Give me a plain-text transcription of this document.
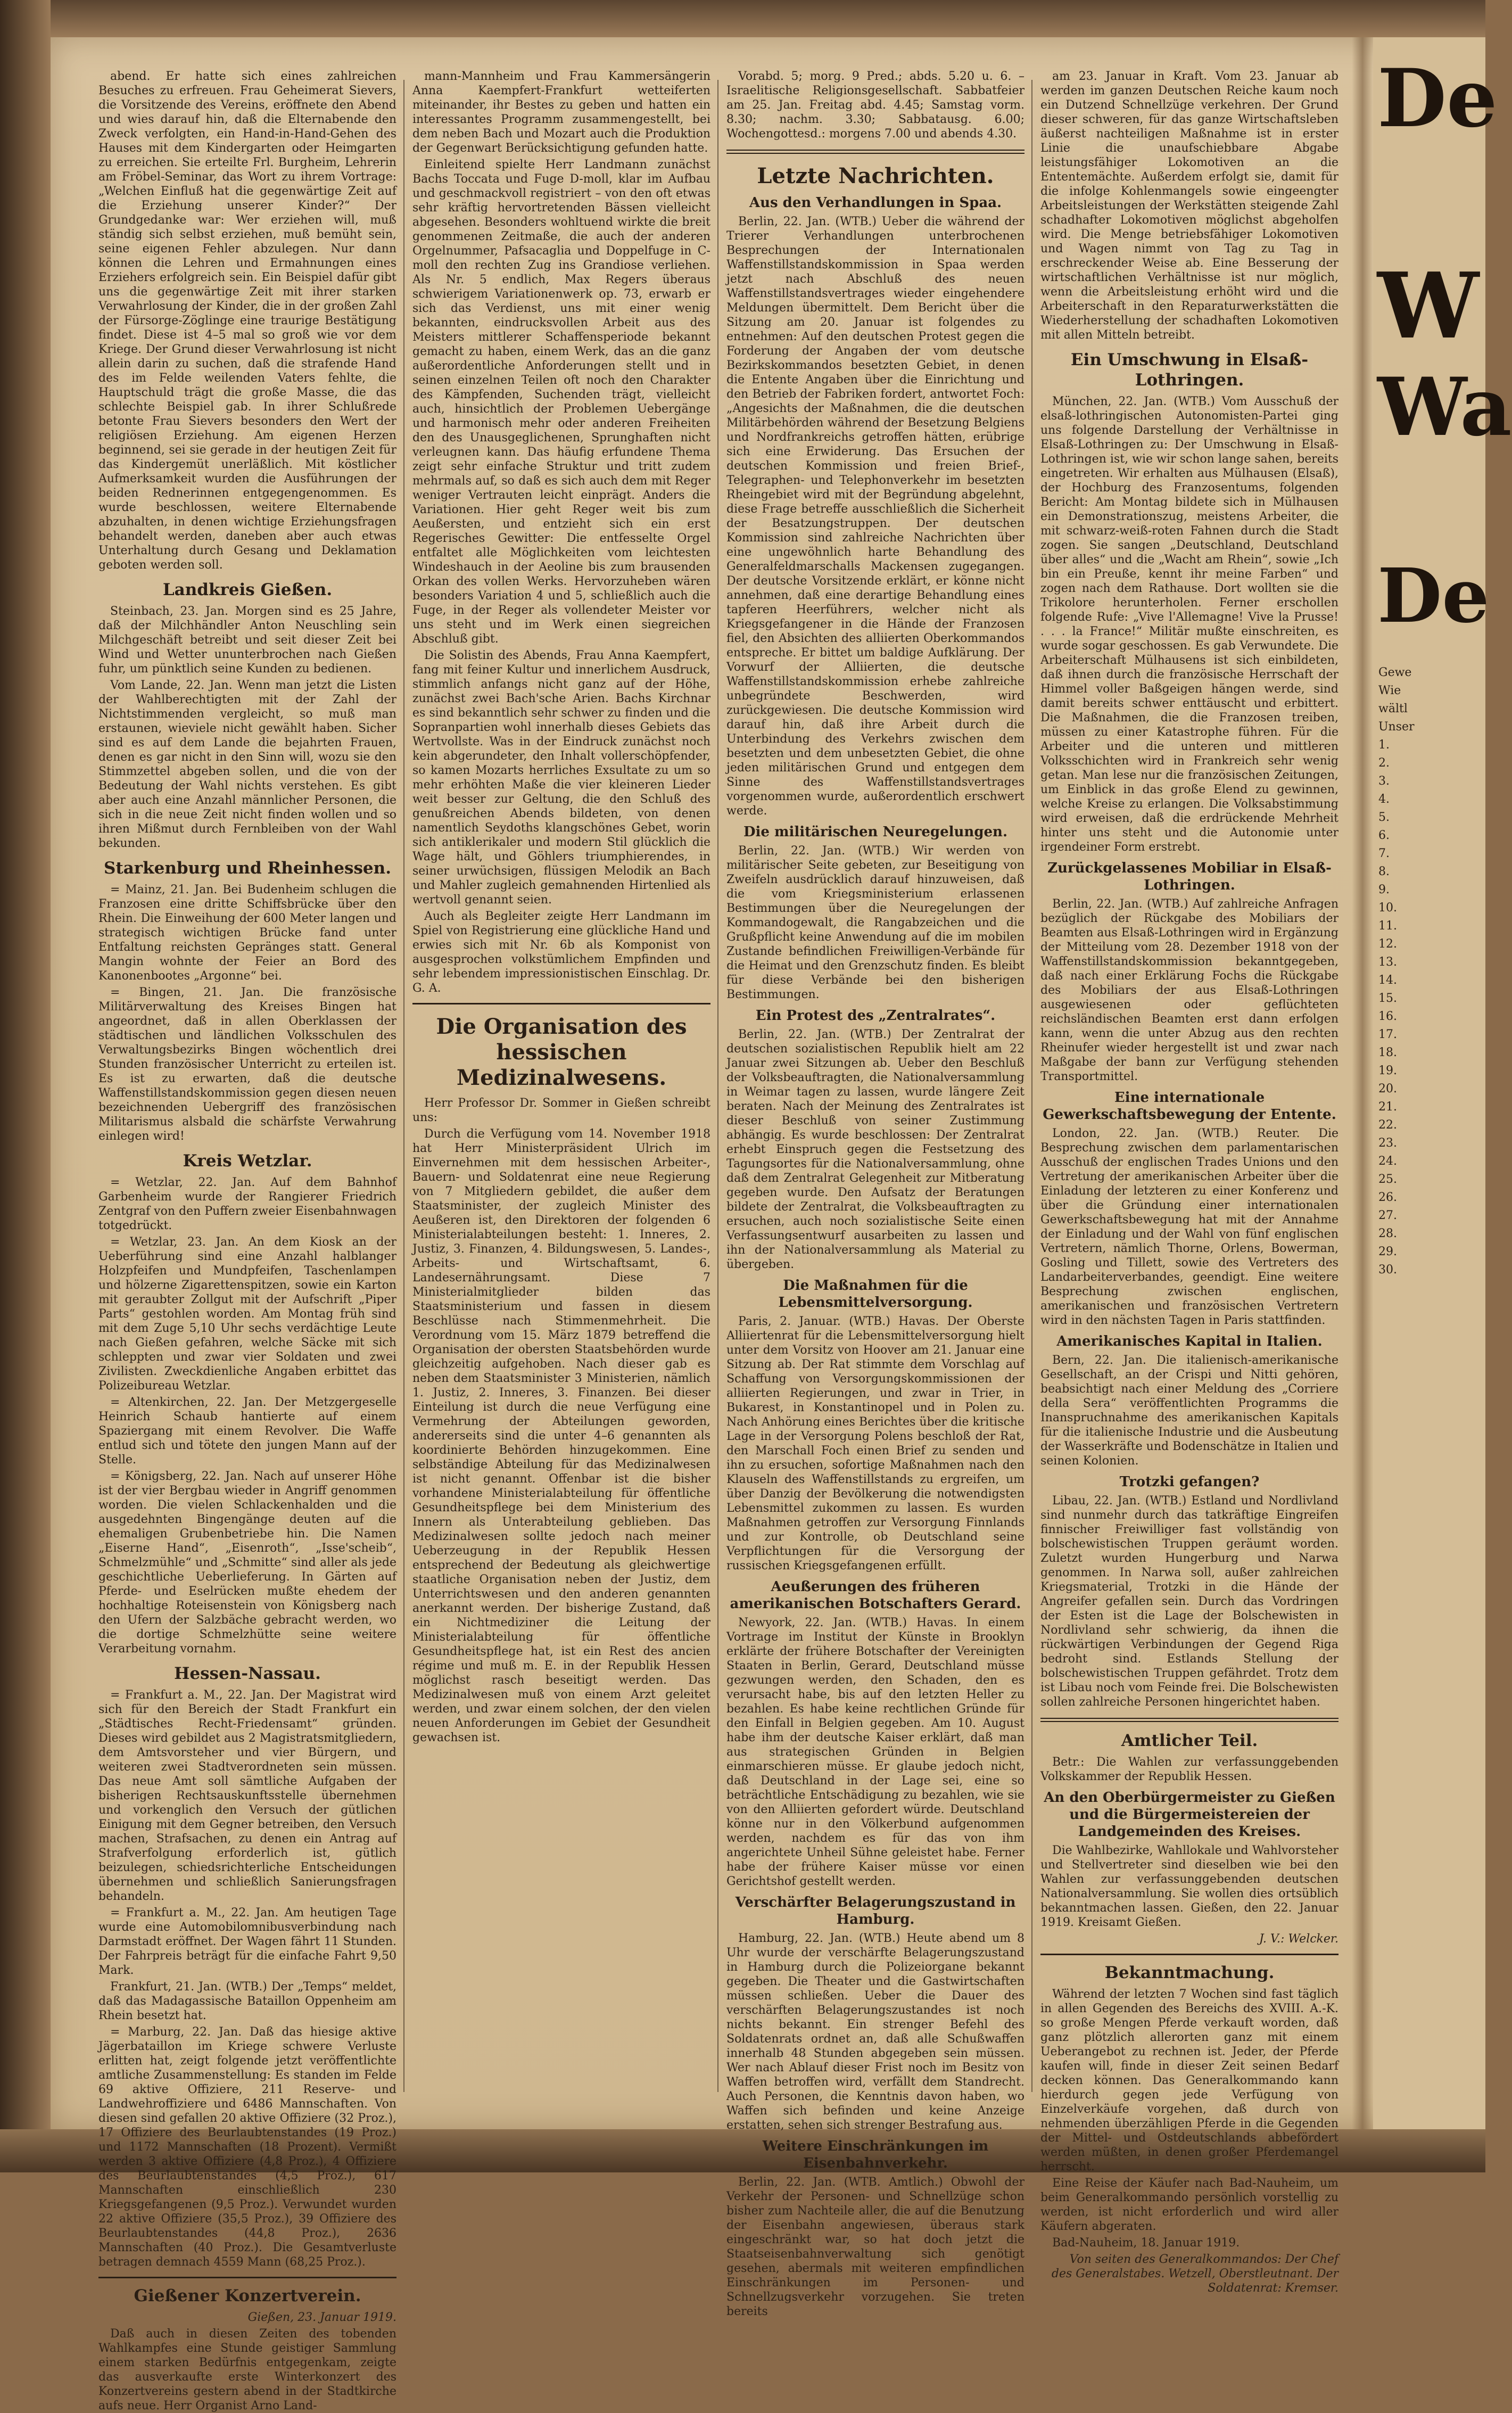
De
W
Wa
De
Gewe
Wie
wältl
Unser
1.
2.
3.
4.
5.
6.
7.
8.
9.
10.
11.
12.
13.
14.
15.
16.
17.
18.
19.
20.
21.
22.
23.
24.
25.
26.
27.
28.
29.
30.

abend. Er hatte sich eines zahlreichen Besuches zu erfreuen. Frau Geheimerat Sievers, die Vorsitzende des Vereins, eröffnete den Abend und wies darauf hin, daß die Elternabende den Zweck verfolgten, ein Hand-in-Hand-Gehen des Hauses mit dem Kindergarten oder Heimgarten zu erreichen. Sie erteilte Frl. Burgheim, Lehrerin am Fröbel-Seminar, das Wort zu ihrem Vortrage: „Welchen Einfluß hat die gegenwärtige Zeit auf die Erziehung unserer Kinder?“ Der Grundgedanke war: Wer erziehen will, muß ständig sich selbst erziehen, muß bemüht sein, seine eigenen Fehler abzulegen. Nur dann können die Lehren und Ermahnungen eines Erziehers erfolgreich sein. Ein Beispiel dafür gibt uns die gegenwärtige Zeit mit ihrer starken Verwahrlosung der Kinder, die in der großen Zahl der Fürsorge-Zöglinge eine traurige Bestätigung findet. Diese ist 4–5 mal so groß wie vor dem Kriege. Der Grund dieser Verwahrlosung ist nicht allein darin zu suchen, daß die strafende Hand des im Felde weilenden Vaters fehlte, die Hauptschuld trägt die große Masse, die das schlechte Beispiel gab. In ihrer Schlußrede betonte Frau Sievers besonders den Wert der religiösen Erziehung. Am eigenen Herzen beginnend, sei sie gerade in der heutigen Zeit für das Kindergemüt unerläßlich. Mit köstlicher Aufmerksamkeit wurden die Ausführungen der beiden Rednerinnen entgegengenommen. Es wurde beschlossen, weitere Elternabende abzuhalten, in denen wichtige Erziehungsfragen behandelt werden, daneben aber auch etwas Unterhaltung durch Gesang und Deklamation geboten werden soll.

Landkreis Gießen.

Steinbach, 23. Jan. Morgen sind es 25 Jahre, daß der Milchhändler Anton Neuschling sein Milchgeschäft betreibt und seit dieser Zeit bei Wind und Wetter ununterbrochen nach Gießen fuhr, um pünktlich seine Kunden zu bedienen.

Vom Lande, 22. Jan. Wenn man jetzt die Listen der Wahlberechtigten mit der Zahl der Nichtstimmenden vergleicht, so muß man erstaunen, wieviele nicht gewählt haben. Sicher sind es auf dem Lande die bejahrten Frauen, denen es gar nicht in den Sinn will, wozu sie den Stimmzettel abgeben sollen, und die von der Bedeutung der Wahl nichts verstehen. Es gibt aber auch eine Anzahl männlicher Personen, die sich in die neue Zeit nicht finden wollen und so ihren Mißmut durch Fernbleiben von der Wahl bekunden.

Starkenburg und Rheinhessen.

= Mainz, 21. Jan. Bei Budenheim schlugen die Franzosen eine dritte Schiffsbrücke über den Rhein. Die Einweihung der 600 Meter langen und strategisch wichtigen Brücke fand unter Entfaltung reichsten Gepränges statt. General Mangin wohnte der Feier an Bord des Kanonenbootes „Argonne“ bei.

= Bingen, 21. Jan. Die französische Militärverwaltung des Kreises Bingen hat angeordnet, daß in allen Oberklassen der städtischen und ländlichen Volksschulen des Verwaltungsbezirks Bingen wöchentlich drei Stunden französischer Unterricht zu erteilen ist. Es ist zu erwarten, daß die deutsche Waffenstillstandskommission gegen diesen neuen bezeichnenden Uebergriff des französischen Militarismus alsbald die schärfste Verwahrung einlegen wird!

Kreis Wetzlar.

= Wetzlar, 22. Jan. Auf dem Bahnhof Garbenheim wurde der Rangierer Friedrich Zentgraf von den Puffern zweier Eisenbahnwagen totgedrückt.

= Wetzlar, 23. Jan. An dem Kiosk an der Ueberführung sind eine Anzahl halblanger Holzpfeifen und Mundpfeifen, Taschenlampen und hölzerne Zigarettenspitzen, sowie ein Karton mit geraubter Zollgut mit der Aufschrift „Piper Parts“ gestohlen worden. Am Montag früh sind mit dem Zuge 5,10 Uhr sechs verdächtige Leute nach Gießen gefahren, welche Säcke mit sich schleppten und zwar vier Soldaten und zwei Zivilisten. Zweckdienliche Angaben erbittet das Polizeibureau Wetzlar.

= Altenkirchen, 22. Jan. Der Metzgergeselle Heinrich Schaub hantierte auf einem Spaziergang mit einem Revolver. Die Waffe entlud sich und tötete den jungen Mann auf der Stelle.

= Königsberg, 22. Jan. Nach auf unserer Höhe ist der vier Bergbau wieder in Angriff genommen worden. Die vielen Schlackenhalden und die ausgedehnten Bingengänge deuten auf die ehemaligen Grubenbetriebe hin. Die Namen „Eiserne Hand“, „Eisenroth“, „Isse'scheib“, Schmelzmühle“ und „Schmitte“ sind aller als jede geschichtliche Ueberlieferung. In Gärten auf Pferde- und Eselrücken mußte ehedem der hochhaltige Roteisenstein von Königsberg nach den Ufern der Salzbäche gebracht werden, wo die dortige Schmelzhütte seine weitere Verarbeitung vornahm.

Hessen-Nassau.

= Frankfurt a. M., 22. Jan. Der Magistrat wird sich für den Bereich der Stadt Frankfurt ein „Städtisches Recht-Friedensamt“ gründen. Dieses wird gebildet aus 2 Magistratsmitgliedern, dem Amtsvorsteher und vier Bürgern, und weiteren zwei Stadtverordneten sein müssen. Das neue Amt soll sämtliche Aufgaben der bisherigen Rechtsauskunftsstelle übernehmen und vorkenglich den Versuch der gütlichen Einigung mit dem Gegner betreiben, den Versuch machen, Strafsachen, zu denen ein Antrag auf Strafverfolgung erforderlich ist, gütlich beizulegen, schiedsrichterliche Entscheidungen übernehmen und schließlich Sanierungsfragen behandeln.

= Frankfurt a. M., 22. Jan. Am heutigen Tage wurde eine Automobilomnibusverbindung nach Darmstadt eröffnet. Der Wagen fährt 11 Stunden. Der Fahrpreis beträgt für die einfache Fahrt 9,50 Mark.

Frankfurt, 21. Jan. (WTB.) Der „Temps“ meldet, daß das Madagassische Bataillon Oppenheim am Rhein besetzt hat.

= Marburg, 22. Jan. Daß das hiesige aktive Jägerbataillon im Kriege schwere Verluste erlitten hat, zeigt folgende jetzt veröffentlichte amtliche Zusammenstellung: Es standen im Felde 69 aktive Offiziere, 211 Reserve- und Landwehroffiziere und 6486 Mannschaften. Von diesen sind gefallen 20 aktive Offiziere (32 Proz.), 17 Offiziere des Beurlaubtenstandes (19 Proz.) und 1172 Mannschaften (18 Prozent). Vermißt werden 3 aktive Offiziere (4,8 Proz.), 4 Offiziere des Beurlaubtenstandes (4,5 Proz.), 617 Mannschaften einschließlich 230 Kriegsgefangenen (9,5 Proz.). Verwundet wurden 22 aktive Offiziere (35,5 Proz.), 39 Offiziere des Beurlaubtenstandes (44,8 Proz.), 2636 Mannschaften (40 Proz.). Die Gesamtverluste betragen demnach 4559 Mann (68,25 Proz.).

Gießener Konzertverein.

Gießen, 23. Januar 1919.

Daß auch in diesen Zeiten des tobenden Wahlkampfes eine Stunde geistiger Sammlung einem starken Bedürfnis entgegenkam, zeigte das ausverkaufte erste Winterkonzert des Konzertvereins gestern abend in der Stadtkirche aufs neue. Herr Organist Arno Land-

mann-Mannheim und Frau Kammersängerin Anna Kaempfert-Frankfurt wetteiferten miteinander, ihr Bestes zu geben und hatten ein interessantes Programm zusammengestellt, bei dem neben Bach und Mozart auch die Produktion der Gegenwart Berücksichtigung gefunden hatte.

Einleitend spielte Herr Landmann zunächst Bachs Toccata und Fuge D-moll, klar im Aufbau und geschmackvoll registriert – von den oft etwas sehr kräftig hervortretenden Bässen vielleicht abgesehen. Besonders wohltuend wirkte die breit genommenen Zeitmaße, die auch der anderen Orgelnummer, Pafsacaglia und Doppelfuge in C-moll den rechten Zug ins Grandiose verliehen. Als Nr. 5 endlich, Max Regers überaus schwierigem Variationenwerk op. 73, erwarb er sich das Verdienst, uns mit einer wenig bekannten, eindrucksvollen Arbeit aus des Meisters mittlerer Schaffensperiode bekannt gemacht zu haben, einem Werk, das an die ganz außerordentliche Anforderungen stellt und in seinen einzelnen Teilen oft noch den Charakter des Kämpfenden, Suchenden trägt, vielleicht auch, hinsichtlich der Problemen Uebergänge und harmonisch mehr oder anderen Freiheiten den des Unausgeglichenen, Sprunghaften nicht verleugnen kann. Das häufig erfundene Thema zeigt sehr einfache Struktur und tritt zudem mehrmals auf, so daß es sich auch dem mit Reger weniger Vertrauten leicht einprägt. Anders die Variationen. Hier geht Reger weit bis zum Aeußersten, und entzieht sich ein erst Regerisches Gewitter: Die entfesselte Orgel entfaltet alle Möglichkeiten vom leichtesten Windeshauch in der Aeoline bis zum brausenden Orkan des vollen Werks. Hervorzuheben wären besonders Variation 4 und 5, schließlich auch die Fuge, in der Reger als vollendeter Meister vor uns steht und im Werk einen siegreichen Abschluß gibt.

Die Solistin des Abends, Frau Anna Kaempfert, fang mit feiner Kultur und innerlichem Ausdruck, stimmlich anfangs nicht ganz auf der Höhe, zunächst zwei Bach'sche Arien. Bachs Kirchnar es sind bekanntlich sehr schwer zu finden und die Sopranpartien wohl innerhalb dieses Gebiets das Wertvollste. Was in der Eindruck zunächst noch kein abgerundeter, den Inhalt vollerschöpfender, so kamen Mozarts herrliches Exsultate zu um so mehr erhöhten Maße die vier kleineren Lieder weit besser zur Geltung, die den Schluß des genußreichen Abends bildeten, von denen namentlich Seydoths klangschönes Gebet, worin sich antiklerikaler und modern Stil glücklich die Wage hält, und Göhlers triumphierendes, in seiner urwüchsigen, flüssigen Melodik an Bach und Mahler zugleich gemahnenden Hirtenlied als wertvoll genannt seien.

Auch als Begleiter zeigte Herr Landmann im Spiel von Registrierung eine glückliche Hand und erwies sich mit Nr. 6b als Komponist von ausgesprochen volkstümlichem Empfinden und sehr lebendem impressionistischen Einschlag. Dr. G. A.

Die Organisation des hessischen Medizinalwesens.

Herr Professor Dr. Sommer in Gießen schreibt uns:

Durch die Verfügung vom 14. November 1918 hat Herr Ministerpräsident Ulrich im Einvernehmen mit dem hessischen Arbeiter-, Bauern- und Soldatenrat eine neue Regierung von 7 Mitgliedern gebildet, die außer dem Staatsminister, der zugleich Minister des Aeußeren ist, den Direktoren der folgenden 6 Ministerialabteilungen besteht: 1. Inneres, 2. Justiz, 3. Finanzen, 4. Bildungswesen, 5. Landes-, Arbeits- und Wirtschaftsamt, 6. Landesernährungsamt. Diese 7 Ministerialmitglieder bilden das Staatsministerium und fassen in diesem Beschlüsse nach Stimmenmehrheit. Die Verordnung vom 15. März 1879 betreffend die Organisation der obersten Staatsbehörden wurde gleichzeitig aufgehoben. Nach dieser gab es neben dem Staatsminister 3 Ministerien, nämlich 1. Justiz, 2. Inneres, 3. Finanzen. Bei dieser Einteilung ist durch die neue Verfügung eine Vermehrung der Abteilungen geworden, andererseits sind die unter 4–6 genannten als koordinierte Behörden hinzugekommen. Eine selbständige Abteilung für das Medizinalwesen ist nicht genannt. Offenbar ist die bisher vorhandene Ministerialabteilung für öffentliche Gesundheitspflege bei dem Ministerium des Innern als Unterabteilung geblieben. Das Medizinalwesen sollte jedoch nach meiner Ueberzeugung in der Republik Hessen entsprechend der Bedeutung als gleichwertige staatliche Organisation neben der Justiz, dem Unterrichtswesen und den anderen genannten anerkannt werden. Der bisherige Zustand, daß ein Nichtmediziner die Leitung der Ministerialabteilung für öffentliche Gesundheitspflege hat, ist ein Rest des ancien régime und muß m. E. in der Republik Hessen möglichst rasch beseitigt werden. Das Medizinalwesen muß von einem Arzt geleitet werden, und zwar einem solchen, der den vielen neuen Anforderungen im Gebiet der Gesundheit gewachsen ist.

Vorabd. 5; morg. 9 Pred.; abds. 5.20 u. 6. – Israelitische Religionsgesellschaft. Sabbatfeier am 25. Jan. Freitag abd. 4.45; Samstag vorm. 8.30; nachm. 3.30; Sabbatausg. 6.00; Wochengottesd.: morgens 7.00 und abends 4.30.

Letzte Nachrichten.
Aus den Verhandlungen in Spaa.

Berlin, 22. Jan. (WTB.) Ueber die während der Trierer Verhandlungen unterbrochenen Besprechungen der Internationalen Waffenstillstandskommission in Spaa werden jetzt nach Abschluß des neuen Waffenstillstandsvertrages wieder eingehendere Meldungen übermittelt. Dem Bericht über die Sitzung am 20. Januar ist folgendes zu entnehmen: Auf den deutschen Protest gegen die Forderung der Angaben der vom deutsche Bezirkskommandos besetzten Gebiet, in denen die Entente Angaben über die Einrichtung und den Betrieb der Fabriken fordert, antwortet Foch: „Angesichts der Maßnahmen, die die deutschen Militärbehörden während der Besetzung Belgiens und Nordfrankreichs getroffen hätten, erübrige sich eine Erwiderung. Das Ersuchen der deutschen Kommission und freien Brief-, Telegraphen- und Telephonverkehr im besetzten Rheingebiet wird mit der Begründung abgelehnt, diese Frage betreffe ausschließlich die Sicherheit der Besatzungstruppen. Der deutschen Kommission sind zahlreiche Nachrichten über eine ungewöhnlich harte Behandlung des Generalfeldmarschalls Mackensen zugegangen. Der deutsche Vorsitzende erklärt, er könne nicht annehmen, daß eine derartige Behandlung eines tapferen Heerführers, welcher nicht als Kriegsgefangener in die Hände der Franzosen fiel, den Absichten des alliierten Oberkommandos entspreche. Er bittet um baldige Aufklärung. Der Vorwurf der Alliierten, die deutsche Waffenstillstandskommission erhebe zahlreiche unbegründete Beschwerden, wird zurückgewiesen. Die deutsche Kommission wird darauf hin, daß ihre Arbeit durch die Unterbindung des Verkehrs zwischen dem besetzten und dem unbesetzten Gebiet, die ohne jeden militärischen Grund und entgegen dem Sinne des Waffenstillstandsvertrages vorgenommen wurde, außerordentlich erschwert werde.

Die militärischen Neuregelungen.

Berlin, 22. Jan. (WTB.) Wir werden von militärischer Seite gebeten, zur Beseitigung von Zweifeln ausdrücklich darauf hinzuweisen, daß die vom Kriegsministerium erlassenen Bestimmungen über die Neuregelungen der Kommandogewalt, die Rangabzeichen und die Grußpflicht keine Anwendung auf die im mobilen Zustande befindlichen Freiwilligen-Verbände für die Heimat und den Grenzschutz finden. Es bleibt für diese Verbände bei den bisherigen Bestimmungen.

Ein Protest des „Zentralrates“.

Berlin, 22. Jan. (WTB.) Der Zentralrat der deutschen sozialistischen Republik hielt am 22 Januar zwei Sitzungen ab. Ueber den Beschluß der Volksbeauftragten, die Nationalversammlung in Weimar tagen zu lassen, wurde längere Zeit beraten. Nach der Meinung des Zentralrates ist dieser Beschluß von seiner Zustimmung abhängig. Es wurde beschlossen: Der Zentralrat erhebt Einspruch gegen die Festsetzung des Tagungsortes für die Nationalversammlung, ohne daß dem Zentralrat Gelegenheit zur Mitberatung gegeben wurde. Den Aufsatz der Beratungen bildete der Zentralrat, die Volksbeauftragten zu ersuchen, auch noch sozialistische Seite einen Verfassungsentwurf ausarbeiten zu lassen und ihn der Nationalversammlung als Material zu übergeben.

Die Maßnahmen für die Lebensmittelversorgung.

Paris, 2. Januar. (WTB.) Havas. Der Oberste Alliiertenrat für die Lebensmittelversorgung hielt unter dem Vorsitz von Hoover am 21. Januar eine Sitzung ab. Der Rat stimmte dem Vorschlag auf Schaffung von Versorgungskommissionen der alliierten Regierungen, und zwar in Trier, in Bukarest, in Konstantinopel und in Polen zu. Nach Anhörung eines Berichtes über die kritische Lage in der Versorgung Polens beschloß der Rat, den Marschall Foch einen Brief zu senden und ihn zu ersuchen, sofortige Maßnahmen nach den Klauseln des Waffenstillstands zu ergreifen, um über Danzig der Bevölkerung die notwendigsten Lebensmittel zukommen zu lassen. Es wurden Maßnahmen getroffen zur Versorgung Finnlands und zur Kontrolle, ob Deutschland seine Verpflichtungen für die Versorgung der russischen Kriegsgefangenen erfüllt.

Aeußerungen des früheren amerikanischen Botschafters Gerard.

Newyork, 22. Jan. (WTB.) Havas. In einem Vortrage im Institut der Künste in Brooklyn erklärte der frühere Botschafter der Vereinigten Staaten in Berlin, Gerard, Deutschland müsse gezwungen werden, den Schaden, den es verursacht habe, bis auf den letzten Heller zu bezahlen. Es habe keine rechtlichen Gründe für den Einfall in Belgien gegeben. Am 10. August habe ihm der deutsche Kaiser erklärt, daß man aus strategischen Gründen in Belgien einmarschieren müsse. Er glaube jedoch nicht, daß Deutschland in der Lage sei, eine so beträchtliche Entschädigung zu bezahlen, wie sie von den Alliierten gefordert würde. Deutschland könne nur in den Völkerbund aufgenommen werden, nachdem es für das von ihm angerichtete Unheil Sühne geleistet habe. Ferner habe der frühere Kaiser müsse vor einen Gerichtshof gestellt werden.

Verschärfter Belagerungszustand in Hamburg.

Hamburg, 22. Jan. (WTB.) Heute abend um 8 Uhr wurde der verschärfte Belagerungszustand in Hamburg durch die Polizeiorgane bekannt gegeben. Die Theater und die Gastwirtschaften müssen schließen. Ueber die Dauer des verschärften Belagerungszustandes ist noch nichts bekannt. Ein strenger Befehl des Soldatenrats ordnet an, daß alle Schußwaffen innerhalb 48 Stunden abgegeben sein müssen. Wer nach Ablauf dieser Frist noch im Besitz von Waffen betroffen wird, verfällt dem Standrecht. Auch Personen, die Kenntnis davon haben, wo Waffen sich befinden und keine Anzeige erstatten, sehen sich strenger Bestrafung aus.

Weitere Einschränkungen im Eisenbahnverkehr.

Berlin, 22. Jan. (WTB. Amtlich.) Obwohl der Verkehr der Personen- und Schnellzüge schon bisher zum Nachteile aller, die auf die Benutzung der Eisenbahn angewiesen, überaus stark eingeschränkt war, so hat doch jetzt die Staatseisenbahnverwaltung sich genötigt gesehen, abermals mit weiteren empfindlichen Einschränkungen im Personen- und Schnellzugsverkehr vorzugehen. Sie treten bereits

am 23. Januar in Kraft. Vom 23. Januar ab werden im ganzen Deutschen Reiche kaum noch ein Dutzend Schnellzüge verkehren. Der Grund dieser schweren, für das ganze Wirtschaftsleben äußerst nachteiligen Maßnahme ist in erster Linie die unaufschiebbare Abgabe leistungsfähiger Lokomotiven an die Ententemächte. Außerdem erfolgt sie, damit für die infolge Kohlenmangels sowie eingeengter Arbeitsleistungen der Werkstätten steigende Zahl schadhafter Lokomotiven möglichst abgeholfen wird. Die Menge betriebsfähiger Lokomotiven und Wagen nimmt von Tag zu Tag in erschreckender Weise ab. Eine Besserung der wirtschaftlichen Verhältnisse ist nur möglich, wenn die Arbeitsleistung erhöht wird und die Arbeiterschaft in den Reparaturwerkstätten die Wiederherstellung der schadhaften Lokomotiven mit allen Mitteln betreibt.

Ein Umschwung in Elsaß-Lothringen.

München, 22. Jan. (WTB.) Vom Ausschuß der elsaß-lothringischen Autonomisten-Partei ging uns folgende Darstellung der Verhältnisse in Elsaß-Lothringen zu: Der Umschwung in Elsaß-Lothringen ist, wie wir schon lange sahen, bereits eingetreten. Wir erhalten aus Mülhausen (Elsaß), der Hochburg des Franzosentums, folgenden Bericht: Am Montag bildete sich in Mülhausen ein Demonstrationszug, meistens Arbeiter, die mit schwarz-weiß-roten Fahnen durch die Stadt zogen. Sie sangen „Deutschland, Deutschland über alles“ und die „Wacht am Rhein“, sowie „Ich bin ein Preuße, kennt ihr meine Farben“ und zogen nach dem Rathause. Dort wollten sie die Trikolore herunterholen. Ferner erschollen folgende Rufe: „Vive l'Allemagne! Vive la Prusse! . . . la France!“ Militär mußte einschreiten, es wurde sogar geschossen. Es gab Verwundete. Die Arbeiterschaft Mülhausens ist sich einbildeten, daß ihnen durch die französische Herrschaft der Himmel voller Baßgeigen hängen werde, sind damit bereits schwer enttäuscht und erbittert. Die Maßnahmen, die die Franzosen treiben, müssen zu einer Katastrophe führen. Für die Arbeiter und die unteren und mittleren Volksschichten wird in Frankreich sehr wenig getan. Man lese nur die französischen Zeitungen, um Einblick in das große Elend zu gewinnen, welche Kreise zu erlangen. Die Volksabstimmung wird erweisen, daß die erdrückende Mehrheit hinter uns steht und die Autonomie unter irgendeiner Form erstrebt.

Zurückgelassenes Mobiliar in Elsaß-Lothringen.

Berlin, 22. Jan. (WTB.) Auf zahlreiche Anfragen bezüglich der Rückgabe des Mobiliars der Beamten aus Elsaß-Lothringen wird in Ergänzung der Mitteilung vom 28. Dezember 1918 von der Waffenstillstandskommission bekanntgegeben, daß nach einer Erklärung Fochs die Rückgabe des Mobiliars der aus Elsaß-Lothringen ausgewiesenen oder geflüchteten reichsländischen Beamten erst dann erfolgen kann, wenn die unter Abzug aus den rechten Rheinufer wieder hergestellt ist und zwar nach Maßgabe der bann zur Verfügung stehenden Transportmittel.

Eine internationale Gewerkschaftsbewegung der Entente.

London, 22. Jan. (WTB.) Reuter. Die Besprechung zwischen dem parlamentarischen Ausschuß der englischen Trades Unions und den Vertretung der amerikanischen Arbeiter über die Einladung der letzteren zu einer Konferenz und über die Gründung einer internationalen Gewerkschaftsbewegung hat mit der Annahme der Einladung und der Wahl von fünf englischen Vertretern, nämlich Thorne, Orlens, Bowerman, Gosling und Tillett, sowie des Vertreters des Landarbeiterverbandes, geendigt. Eine weitere Besprechung zwischen englischen, amerikanischen und französischen Vertretern wird in den nächsten Tagen in Paris stattfinden.

Amerikanisches Kapital in Italien.

Bern, 22. Jan. Die italienisch-amerikanische Gesellschaft, an der Crispi und Nitti gehören, beabsichtigt nach einer Meldung des „Corriere della Sera“ veröffentlichten Programms die Inanspruchnahme des amerikanischen Kapitals für die italienische Industrie und die Ausbeutung der Wasserkräfte und Bodenschätze in Italien und seinen Kolonien.

Trotzki gefangen?

Libau, 22. Jan. (WTB.) Estland und Nordlivland sind nunmehr durch das tatkräftige Eingreifen finnischer Freiwilliger fast vollständig von bolschewistischen Truppen geräumt worden. Zuletzt wurden Hungerburg und Narwa genommen. In Narwa soll, außer zahlreichen Kriegsmaterial, Trotzki in die Hände der Angreifer gefallen sein. Durch das Vordringen der Esten ist die Lage der Bolschewisten in Nordlivland sehr schwierig, da ihnen die rückwärtigen Verbindungen der Gegend Riga bedroht sind. Estlands Stellung der bolschewistischen Truppen gefährdet. Trotz dem ist Libau noch vom Feinde frei. Die Bolschewisten sollen zahlreiche Personen hingerichtet haben.

Amtlicher Teil.

Betr.: Die Wahlen zur verfassunggebenden Volkskammer der Republik Hessen.

An den Oberbürgermeister zu Gießen und die Bürgermeistereien der Landgemeinden des Kreises.

Die Wahlbezirke, Wahllokale und Wahlvorsteher und Stellvertreter sind dieselben wie bei den Wahlen zur verfassunggebenden deutschen Nationalversammlung. Sie wollen dies ortsüblich bekanntmachen lassen. Gießen, den 22. Januar 1919. Kreisamt Gießen.

J. V.: Welcker.

Bekanntmachung.

Während der letzten 7 Wochen sind fast täglich in allen Gegenden des Bereichs des XVIII. A.-K. so große Mengen Pferde verkauft worden, daß ganz plötzlich allerorten ganz mit einem Ueberangebot zu rechnen ist. Jeder, der Pferde kaufen will, finde in dieser Zeit seinen Bedarf decken können. Das Generalkommando kann hierdurch gegen jede Verfügung von Einzelverkäufe vorgehen, daß durch von nehmenden überzähligen Pferde in die Gegenden der Mittel- und Ostdeutschlands abbefördert werden müßten, in denen großer Pferdemangel herrscht.

Eine Reise der Käufer nach Bad-Nauheim, um beim Generalkommando persönlich vorstellig zu werden, ist nicht erforderlich und wird aller Käufern abgeraten.

Bad-Nauheim, 18. Januar 1919.

Von seiten des Generalkommandos: Der Chef des Generalstabes. Wetzell, Oberstleutnant. Der Soldatenrat: Kremser.
